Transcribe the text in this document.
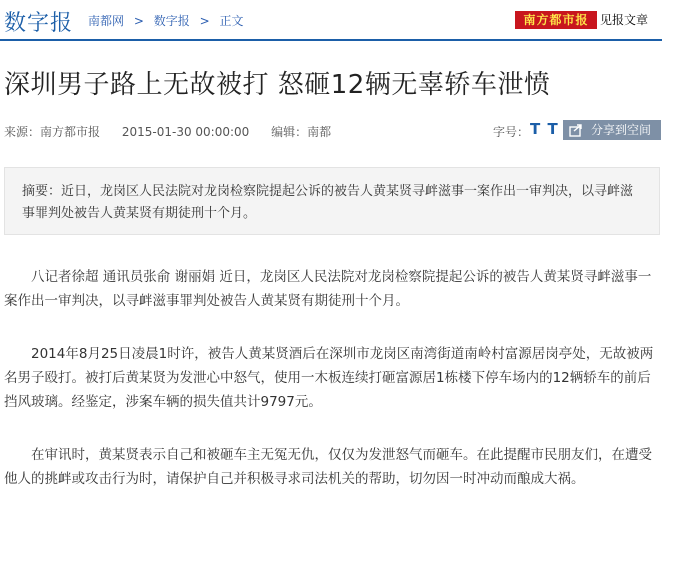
数字报 南都网 > 数字报 > 正文	南方都市报 见报文章
深圳男子路上无故被打 怒砸12辆无辜轿车泄愤
来源：南方都市报 2015-01-30 00:00:00 编辑：南都	字号： T T	分享到空间

摘要：近日，龙岗区人民法院对龙岗检察院提起公诉的被告人黄某贤寻衅滋事一案作出一审判决，以寻衅滋事罪判处被告人黄某贤有期徒刑十个月。

八记者徐超 通讯员张俞 谢丽娟 近日，龙岗区人民法院对龙岗检察院提起公诉的被告人黄某贤寻衅滋事一案作出一审判决，以寻衅滋事罪判处被告人黄某贤有期徒刑十个月。

2014年8月25日凌晨1时许，被告人黄某贤酒后在深圳市龙岗区南湾街道南岭村富源居岗亭处，无故被两名男子殴打。被打后黄某贤为发泄心中怒气，使用一木板连续打砸富源居1栋楼下停车场内的12辆轿车的前后挡风玻璃。经鉴定，涉案车辆的损失值共计9797元。

在审讯时，黄某贤表示自己和被砸车主无冤无仇，仅仅为发泄怒气而砸车。在此提醒市民朋友们，在遭受他人的挑衅或攻击行为时，请保护自己并积极寻求司法机关的帮助，切勿因一时冲动而酿成大祸。
